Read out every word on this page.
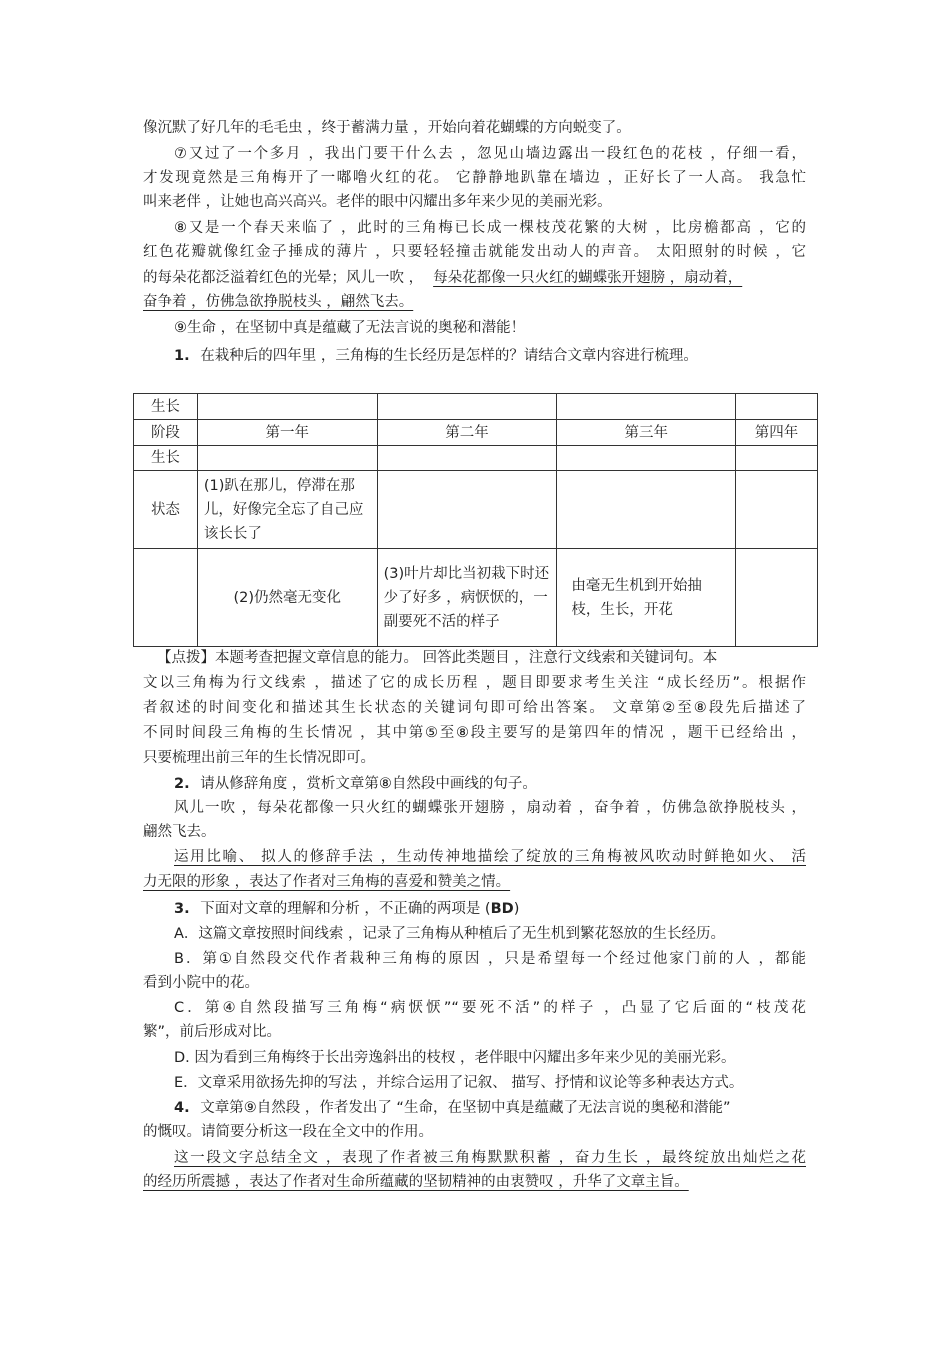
像沉默了好几年的毛毛虫 ，终于蓄满力量 ，开始向着花蝴蝶的方向蜕变了。
⑦又过了一个多月 ，我出门要干什么去 ，忽见山墙边露出一段红色的花枝 ，仔细一看，
才发现竟然是三角梅开了一嘟噜火红的花。 它静静地趴靠在墙边 ，正好长了一人高。 我急忙
叫来老伴 ，让她也高兴高兴。老伴的眼中闪耀出多年来少见的美丽光彩。
⑧又是一个春天来临了 ，此时的三角梅已长成一棵枝茂花繁的大树 ，比房檐都高 ，它的
红色花瓣就像红金子捶成的薄片 ，只要轻轻撞击就能发出动人的声音。 太阳照射的时候 ，它
的每朵花都泛溢着红色的光晕；风儿一吹 ， 每朵花都像一只火红的蝴蝶张开翅膀 ，扇动着，
奋争着 ，仿佛急欲挣脱枝头 ，翩然飞去。
⑨生命 ，在坚韧中真是蕴藏了无法言说的奥秘和潜能！
1. 在栽种后的四年里 ，三角梅的生长经历是怎样的？请结合文章内容进行梳理。
生长				
阶段	第一年	第二年	第三年	第四年
生长				
状态	(1)趴在那儿，停滞在那儿，好像完全忘了自己应该长长了			
	(2)仍然毫无变化	(3)叶片却比当初栽下时还少了好多 ，病恹恹的，一副要死不活的样子	由毫无生机到开始抽枝，生长，开花	
【点拨】本题考查把握文章信息的能力。 回答此类题目 ，注意行文线索和关键词句。本
文以三角梅为行文线索 ，描述了它的成长历程 ，题目即要求考生关注 “成长经历”。根据作
者叙述的时间变化和描述其生长状态的关键词句即可给出答案。 文章第②至⑧段先后描述了
不同时间段三角梅的生长情况 ，其中第⑤至⑧段主要写的是第四年的情况 ，题干已经给出 ，
只要梳理出前三年的生长情况即可。
2. 请从修辞角度 ，赏析文章第⑧自然段中画线的句子。
风儿一吹 ，每朵花都像一只火红的蝴蝶张开翅膀 ，扇动着 ，奋争着 ，仿佛急欲挣脱枝头 ，
翩然飞去。
运用比喻、 拟人的修辞手法 ，生动传神地描绘了绽放的三角梅被风吹动时鲜艳如火、 活
力无限的形象 ，表达了作者对三角梅的喜爱和赞美之情。
3. 下面对文章的理解和分析 ，不正确的两项是 (BD)
A．这篇文章按照时间线索 ，记录了三角梅从种植后了无生机到繁花怒放的生长经历。
B．第①自然段交代作者栽种三角梅的原因 ，只是希望每一个经过他家门前的人 ，都能
看到小院中的花。
C．第④自然段描写三角梅“病恹恹”“要死不活”的样子 ，凸显了它后面的“枝茂花
繁”，前后形成对比。
D. 因为看到三角梅终于长出旁逸斜出的枝杈 ，老伴眼中闪耀出多年来少见的美丽光彩。
E．文章采用欲扬先抑的写法 ，并综合运用了记叙、 描写、抒情和议论等多种表达方式。
4. 文章第⑨自然段 ，作者发出了 “生命，在坚韧中真是蕴藏了无法言说的奥秘和潜能”
的慨叹。请简要分析这一段在全文中的作用。
这一段文字总结全文 ，表现了作者被三角梅默默积蓄 ，奋力生长 ，最终绽放出灿烂之花
的经历所震撼 ，表达了作者对生命所蕴藏的坚韧精神的由衷赞叹 ，升华了文章主旨。
